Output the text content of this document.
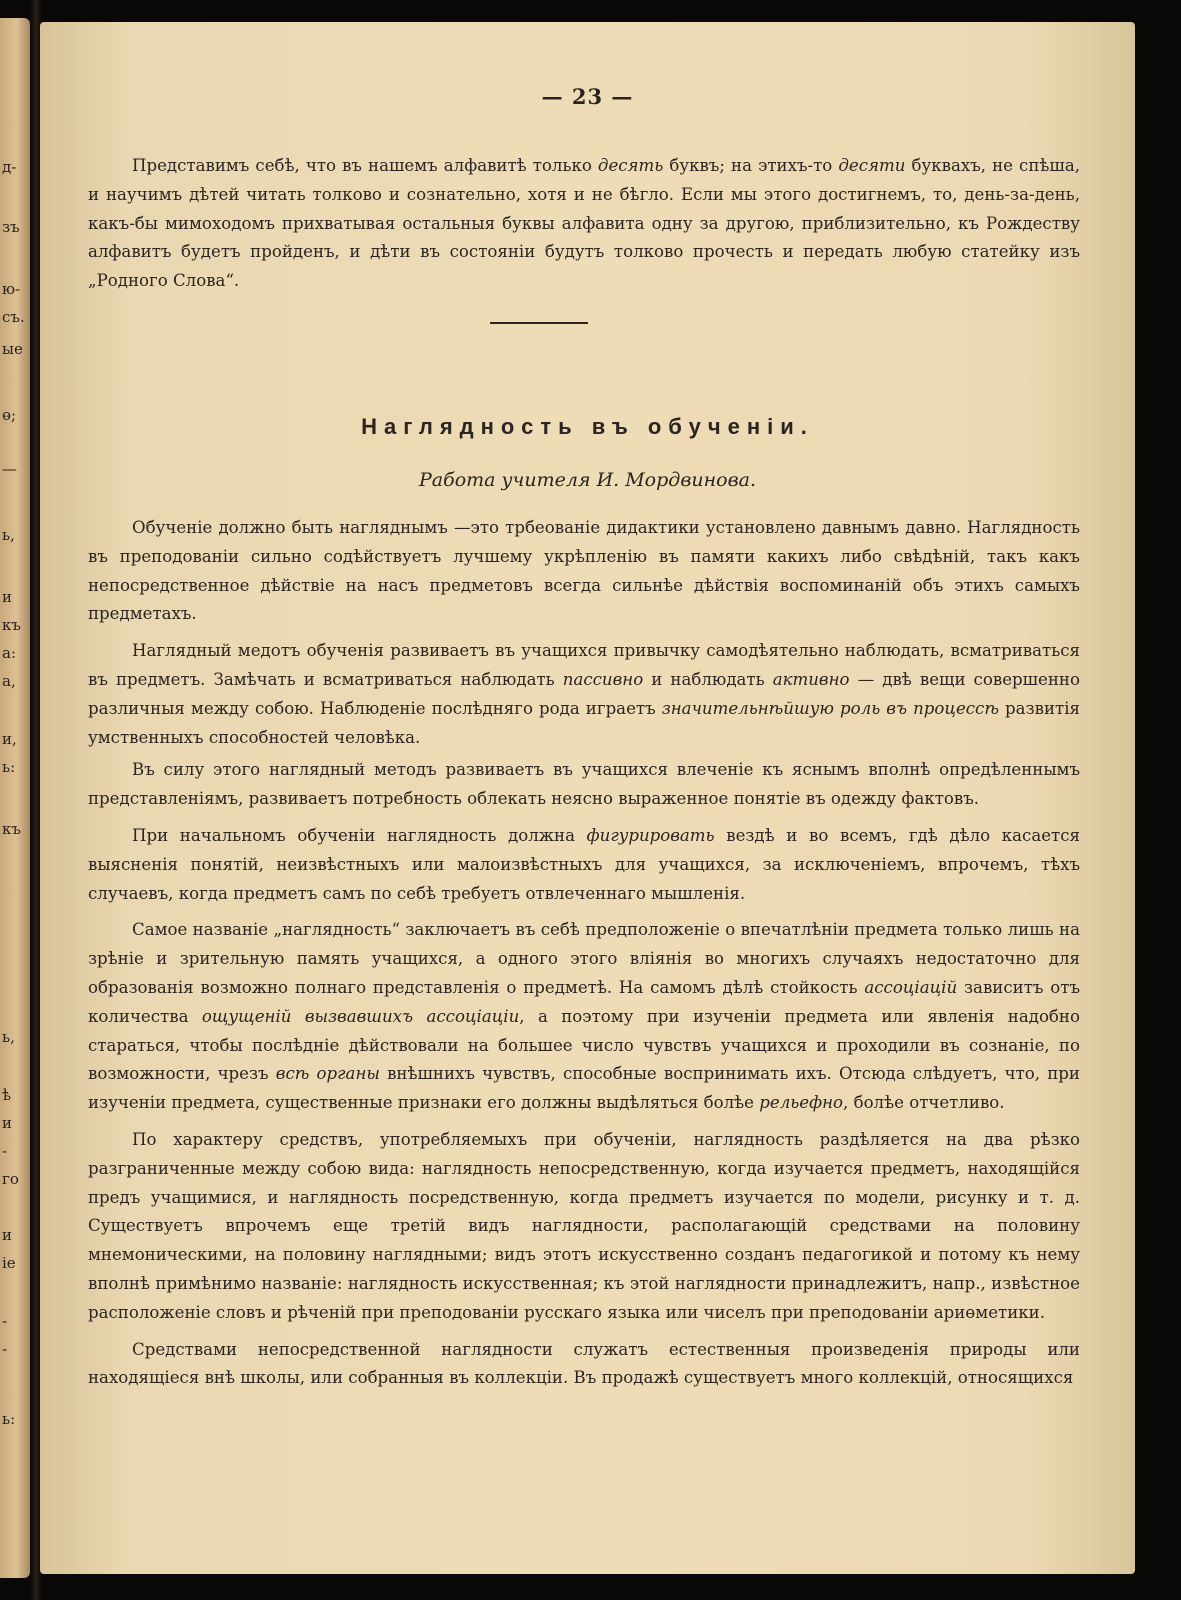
д-
зъ
ю-
съ.
ые
ө;
—
ь,
и
къ
а:
а,
и,
ь:
къ
ь,
ѣ
и
-
го
и
iе
-
-
ь:
— 23 —

Представимъ себѣ, что въ нашемъ алфавитѣ только десять буквъ; на этихъ-то десяти буквахъ, не спѣша, и научимъ дѣтей читать толково и сознательно, хотя и не бѣгло. Если мы этого достигнемъ, то, день-за-день, какъ-бы мимоходомъ прихватывая остальныя буквы алфавита одну за другою, приблизительно, къ Рождеству алфавитъ будетъ пройденъ, и дѣти въ состоянiи будутъ толково прочесть и передать любую статейку изъ „Родного Слова“.

Наглядность въ обученiи.
Работа учителя И. Мордвинова.

Обученiе должно быть нагляднымъ —это трбеованiе дидактики установлено давнымъ давно. Наглядность въ преподованiи сильно содѣйствуетъ лучшему укрѣпленiю въ памяти какихъ либо свѣдѣнiй, такъ какъ непосредственное дѣйствiе на насъ предметовъ всегда сильнѣе дѣйствiя воспоминанiй объ этихъ самыхъ предметахъ.

Наглядный медотъ обученiя развиваетъ въ учащихся привычку самодѣятельно наблюдать, всматриваться въ предметъ. Замѣчать и всматриваться наблюдать пассивно и наблюдать активно — двѣ вещи совершенно различныя между собою. Наблюденiе послѣдняго рода играетъ значительнѣйшую роль въ процессѣ развитiя умственныхъ способностей человѣка.

Въ силу этого наглядный методъ развиваетъ въ учащихся влеченiе къ яснымъ вполнѣ опредѣленнымъ представленiямъ, развиваетъ потребность облекать неясно выраженное понятiе въ одежду фактовъ.

При начальномъ обученiи наглядность должна фигурировать вездѣ и во всемъ, гдѣ дѣло касается выясненiя понятiй, неизвѣстныхъ или малоизвѣстныхъ для учащихся, за исключенiемъ, впрочемъ, тѣхъ случаевъ, когда предметъ самъ по себѣ требуетъ отвлеченнаго мышленiя.

Самое названiе „наглядность“ заключаетъ въ себѣ предположенiе о впечатлѣнiи предмета только лишь на зрѣнiе и зрительную память учащихся, а одного этого влiянiя во многихъ случаяхъ недостаточно для образованiя возможно полнаго представленiя о предметѣ. На самомъ дѣлѣ стойкость ассоцiацiй зависитъ отъ количества ощущенiй вызвавшихъ ассоцiацiи, а поэтому при изученiи предмета или явленiя надобно стараться, чтобы послѣднiе дѣйствовали на большее число чувствъ учащихся и проходили въ сознанiе, по возможности, чрезъ всѣ органы внѣшнихъ чувствъ, способные воспринимать ихъ. Отсюда слѣдуетъ, что, при изученiи предмета, существенные признаки его должны выдѣляться болѣе рельефно, болѣе отчетливо.

По характеру средствъ, употребляемыхъ при обученiи, наглядность раздѣляется на два рѣзко разграниченные между собою вида: наглядность непосредственную, когда изучается предметъ, находящiйся предъ учащимися, и наглядность посредственную, когда предметъ изучается по модели, рисунку и т. д. Существуетъ впрочемъ еще третiй видъ наглядности, располагающiй средствами на половину мнемоническими, на половину наглядными; видъ этотъ искусственно созданъ педагогикой и потому къ нему вполнѣ примѣнимо названiе: наглядность искусственная; къ этой наглядности принадлежитъ, напр., извѣстное расположенiе словъ и рѣченiй при преподованiи русскаго языка или чиселъ при преподованiи ариөметики.

Средствами непосредственной наглядности служатъ естественныя произведенiя природы или находящiеся внѣ школы, или собранныя въ коллекцiи. Въ продажѣ существуетъ много коллекцiй, относящихся
